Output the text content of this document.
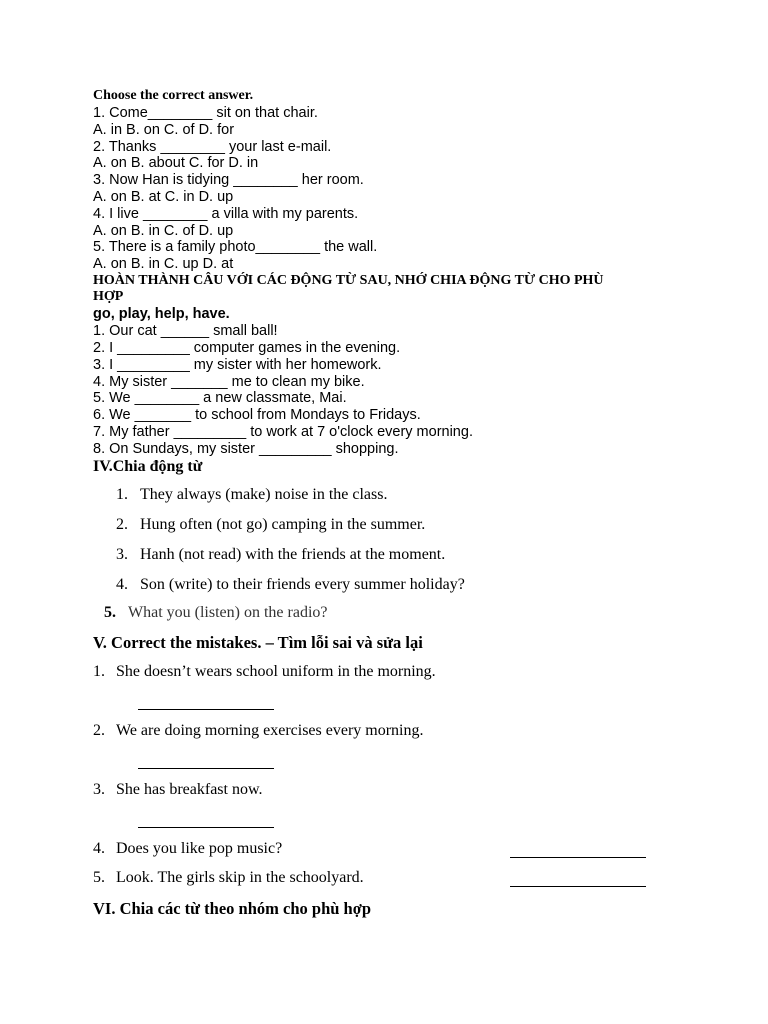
Choose the correct answer.
1. Come________ sit on that chair.
A. in B. on C. of D. for
2. Thanks ________ your last e-mail.
A. on B. about C. for D. in
3. Now Han is tidying ________ her room.
A. on B. at C. in D. up
4. I live ________ a villa with my parents.
A. on B. in C. of D. up
5. There is a family photo________ the wall.
A. on B. in C. up D. at
HOÀN THÀNH CÂU VỚI CÁC ĐỘNG TỪ SAU, NHỚ CHIA ĐỘNG TỪ CHO PHÙ
HỢP
go, play, help, have.
1. Our cat ______ small ball!
2. I _________ computer games in the evening.
3. I _________ my sister with her homework.
4. My sister _______ me to clean my bike.
5. We ________ a new classmate, Mai.
6. We _______ to school from Mondays to Fridays.
7. My father _________ to work at 7 o'clock every morning.
8. On Sundays, my sister _________ shopping.
IV.Chia động từ
1. They always (make) noise in the class.
2. Hung often (not go) camping in the summer.
3. Hanh (not read) with the friends at the moment.
4. Son (write) to their friends every summer holiday?
5. What you (listen) on the radio?
V. Correct the mistakes. – Tìm lỗi sai và sửa lại
1. She doesn’t wears school uniform in the morning.
2. We are doing morning exercises every morning.
3. She has breakfast now.
4. Does you like pop music?
5. Look. The girls skip in the schoolyard.
VI. Chia các từ theo nhóm cho phù hợp
